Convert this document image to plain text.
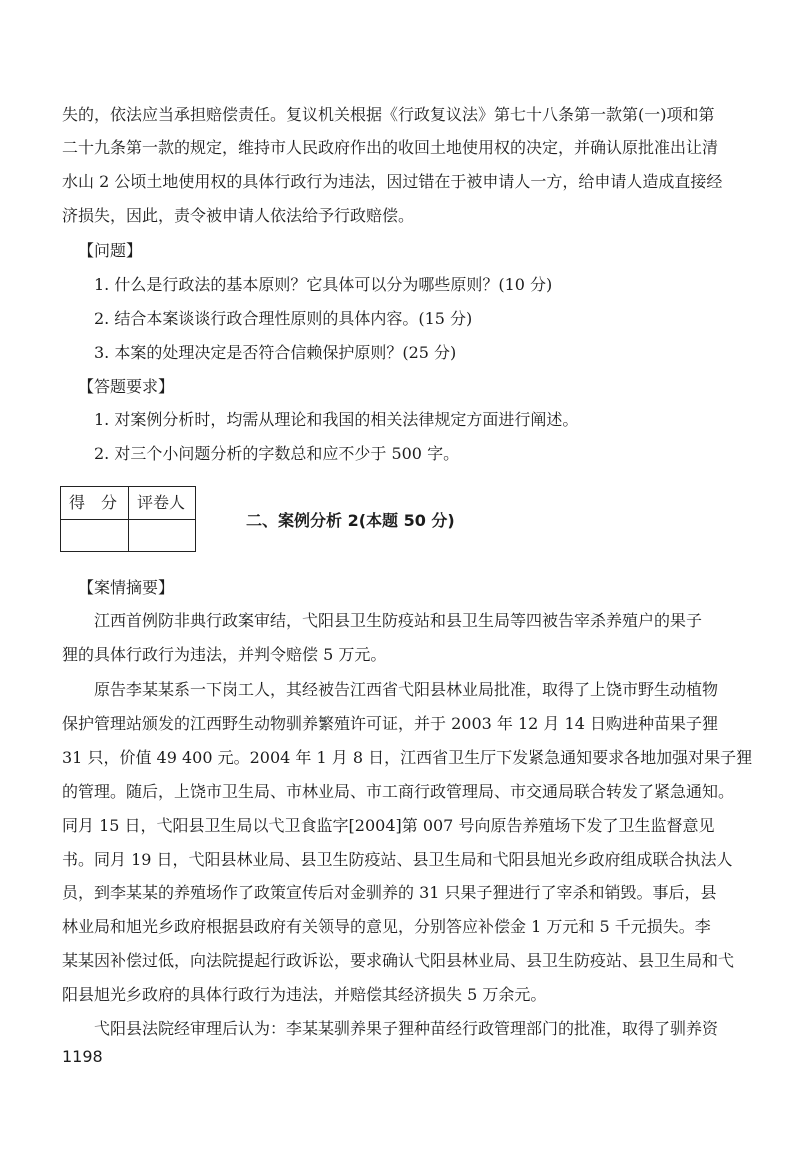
失的，依法应当承担赔偿责任。复议机关根据《行政复议法》第七十八条第一款第(一)项和第
二十九条第一款的规定，维持市人民政府作出的收回土地使用权的决定，并确认原批准出让清
水山 2 公顷土地使用权的具体行政行为违法，因过错在于被申请人一方，给申请人造成直接经
济损失，因此，责令被申请人依法给予行政赔偿。
【问题】
1. 什么是行政法的基本原则？它具体可以分为哪些原则？(10 分)
2. 结合本案谈谈行政合理性原则的具体内容。(15 分)
3. 本案的处理决定是否符合信赖保护原则？(25 分)
【答题要求】
1. 对案例分析时，均需从理论和我国的相关法律规定方面进行阐述。
2. 对三个小问题分析的字数总和应不少于 500 字。
得　分 评卷人
二、案例分析 2(本题 50 分)
【案情摘要】
江西首例防非典行政案审结，弋阳县卫生防疫站和县卫生局等四被告宰杀养殖户的果子
狸的具体行政行为违法，并判令赔偿 5 万元。
原告李某某系一下岗工人，其经被告江西省弋阳县林业局批准，取得了上饶市野生动植物
保护管理站颁发的江西野生动物驯养繁殖许可证，并于 2003 年 12 月 14 日购进种苗果子狸
31 只，价值 49 400 元。2004 年 1 月 8 日，江西省卫生厅下发紧急通知要求各地加强对果子狸
的管理。随后，上饶市卫生局、市林业局、市工商行政管理局、市交通局联合转发了紧急通知。
同月 15 日，弋阳县卫生局以弋卫食监字[2004]第 007 号向原告养殖场下发了卫生监督意见
书。同月 19 日，弋阳县林业局、县卫生防疫站、县卫生局和弋阳县旭光乡政府组成联合执法人
员，到李某某的养殖场作了政策宣传后对金驯养的 31 只果子狸进行了宰杀和销毁。事后，县
林业局和旭光乡政府根据县政府有关领导的意见，分别答应补偿金 1 万元和 5 千元损失。李
某某因补偿过低，向法院提起行政诉讼，要求确认弋阳县林业局、县卫生防疫站、县卫生局和弋
阳县旭光乡政府的具体行政行为违法，并赔偿其经济损失 5 万余元。
弋阳县法院经审理后认为：李某某驯养果子狸种苗经行政管理部门的批准，取得了驯养资
1198
